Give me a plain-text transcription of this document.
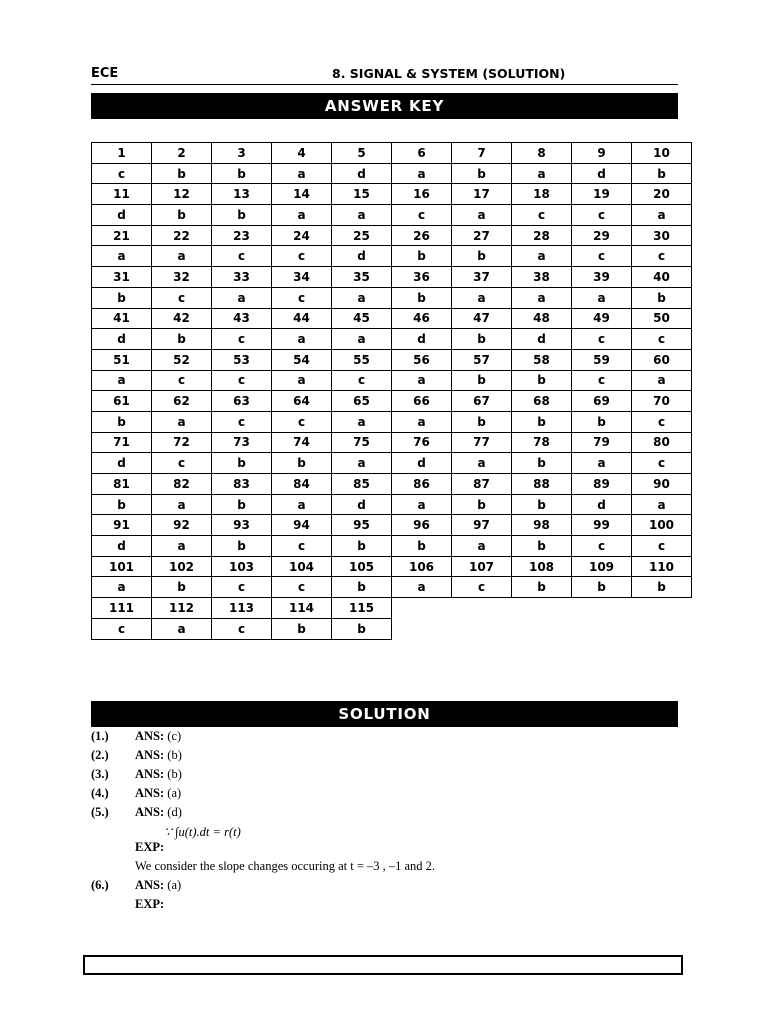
ECE	8. SIGNAL & SYSTEM (SOLUTION)
ANSWER KEY
1	2	3	4	5	6	7	8	9	10
c	b	b	a	d	a	b	a	d	b
11	12	13	14	15	16	17	18	19	20
d	b	b	a	a	c	a	c	c	a
21	22	23	24	25	26	27	28	29	30
a	a	c	c	d	b	b	a	c	c
31	32	33	34	35	36	37	38	39	40
b	c	a	c	a	b	a	a	a	b
41	42	43	44	45	46	47	48	49	50
d	b	c	a	a	d	b	d	c	c
51	52	53	54	55	56	57	58	59	60
a	c	c	a	c	a	b	b	c	a
61	62	63	64	65	66	67	68	69	70
b	a	c	c	a	a	b	b	b	c
71	72	73	74	75	76	77	78	79	80
d	c	b	b	a	d	a	b	a	c
81	82	83	84	85	86	87	88	89	90
b	a	b	a	d	a	b	b	d	a
91	92	93	94	95	96	97	98	99	100
d	a	b	c	b	b	a	b	c	c
101	102	103	104	105	106	107	108	109	110
a	b	c	c	b	a	c	b	b	b
111	112	113	114	115					
c	a	c	b	b					
SOLUTION
(1.) ANS: (c)
(2.) ANS: (b)
(3.) ANS: (b)
(4.) ANS: (a)
(5.) ANS: (d)
∵ ∫u(t).dt = r(t)
EXP:
We consider the slope changes occuring at t = –3 , –1 and 2.
(6.) ANS: (a)
EXP:
